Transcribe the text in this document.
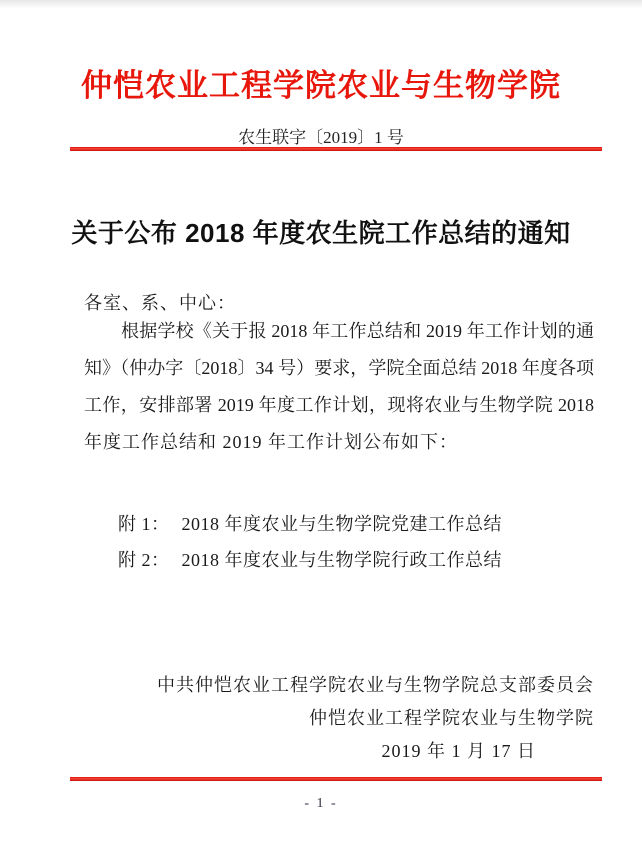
仲恺农业工程学院农业与生物学院
农生联字〔2019〕1 号
关于公布 2018 年度农生院工作总结的通知
各室、系、中心：
根据学校《关于报 2018 年工作总结和 2019 年工作计划的通
知》（仲办字〔2018〕34 号）要求，学院全面总结 2018 年度各项
工作，安排部署 2019 年度工作计划，现将农业与生物学院 2018
年度工作总结和 2019 年工作计划公布如下：
附 1： 2018 年度农业与生物学院党建工作总结
附 2： 2018 年度农业与生物学院行政工作总结
中共仲恺农业工程学院农业与生物学院总支部委员会
仲恺农业工程学院农业与生物学院
2019 年 1 月 17 日
- 1 -
